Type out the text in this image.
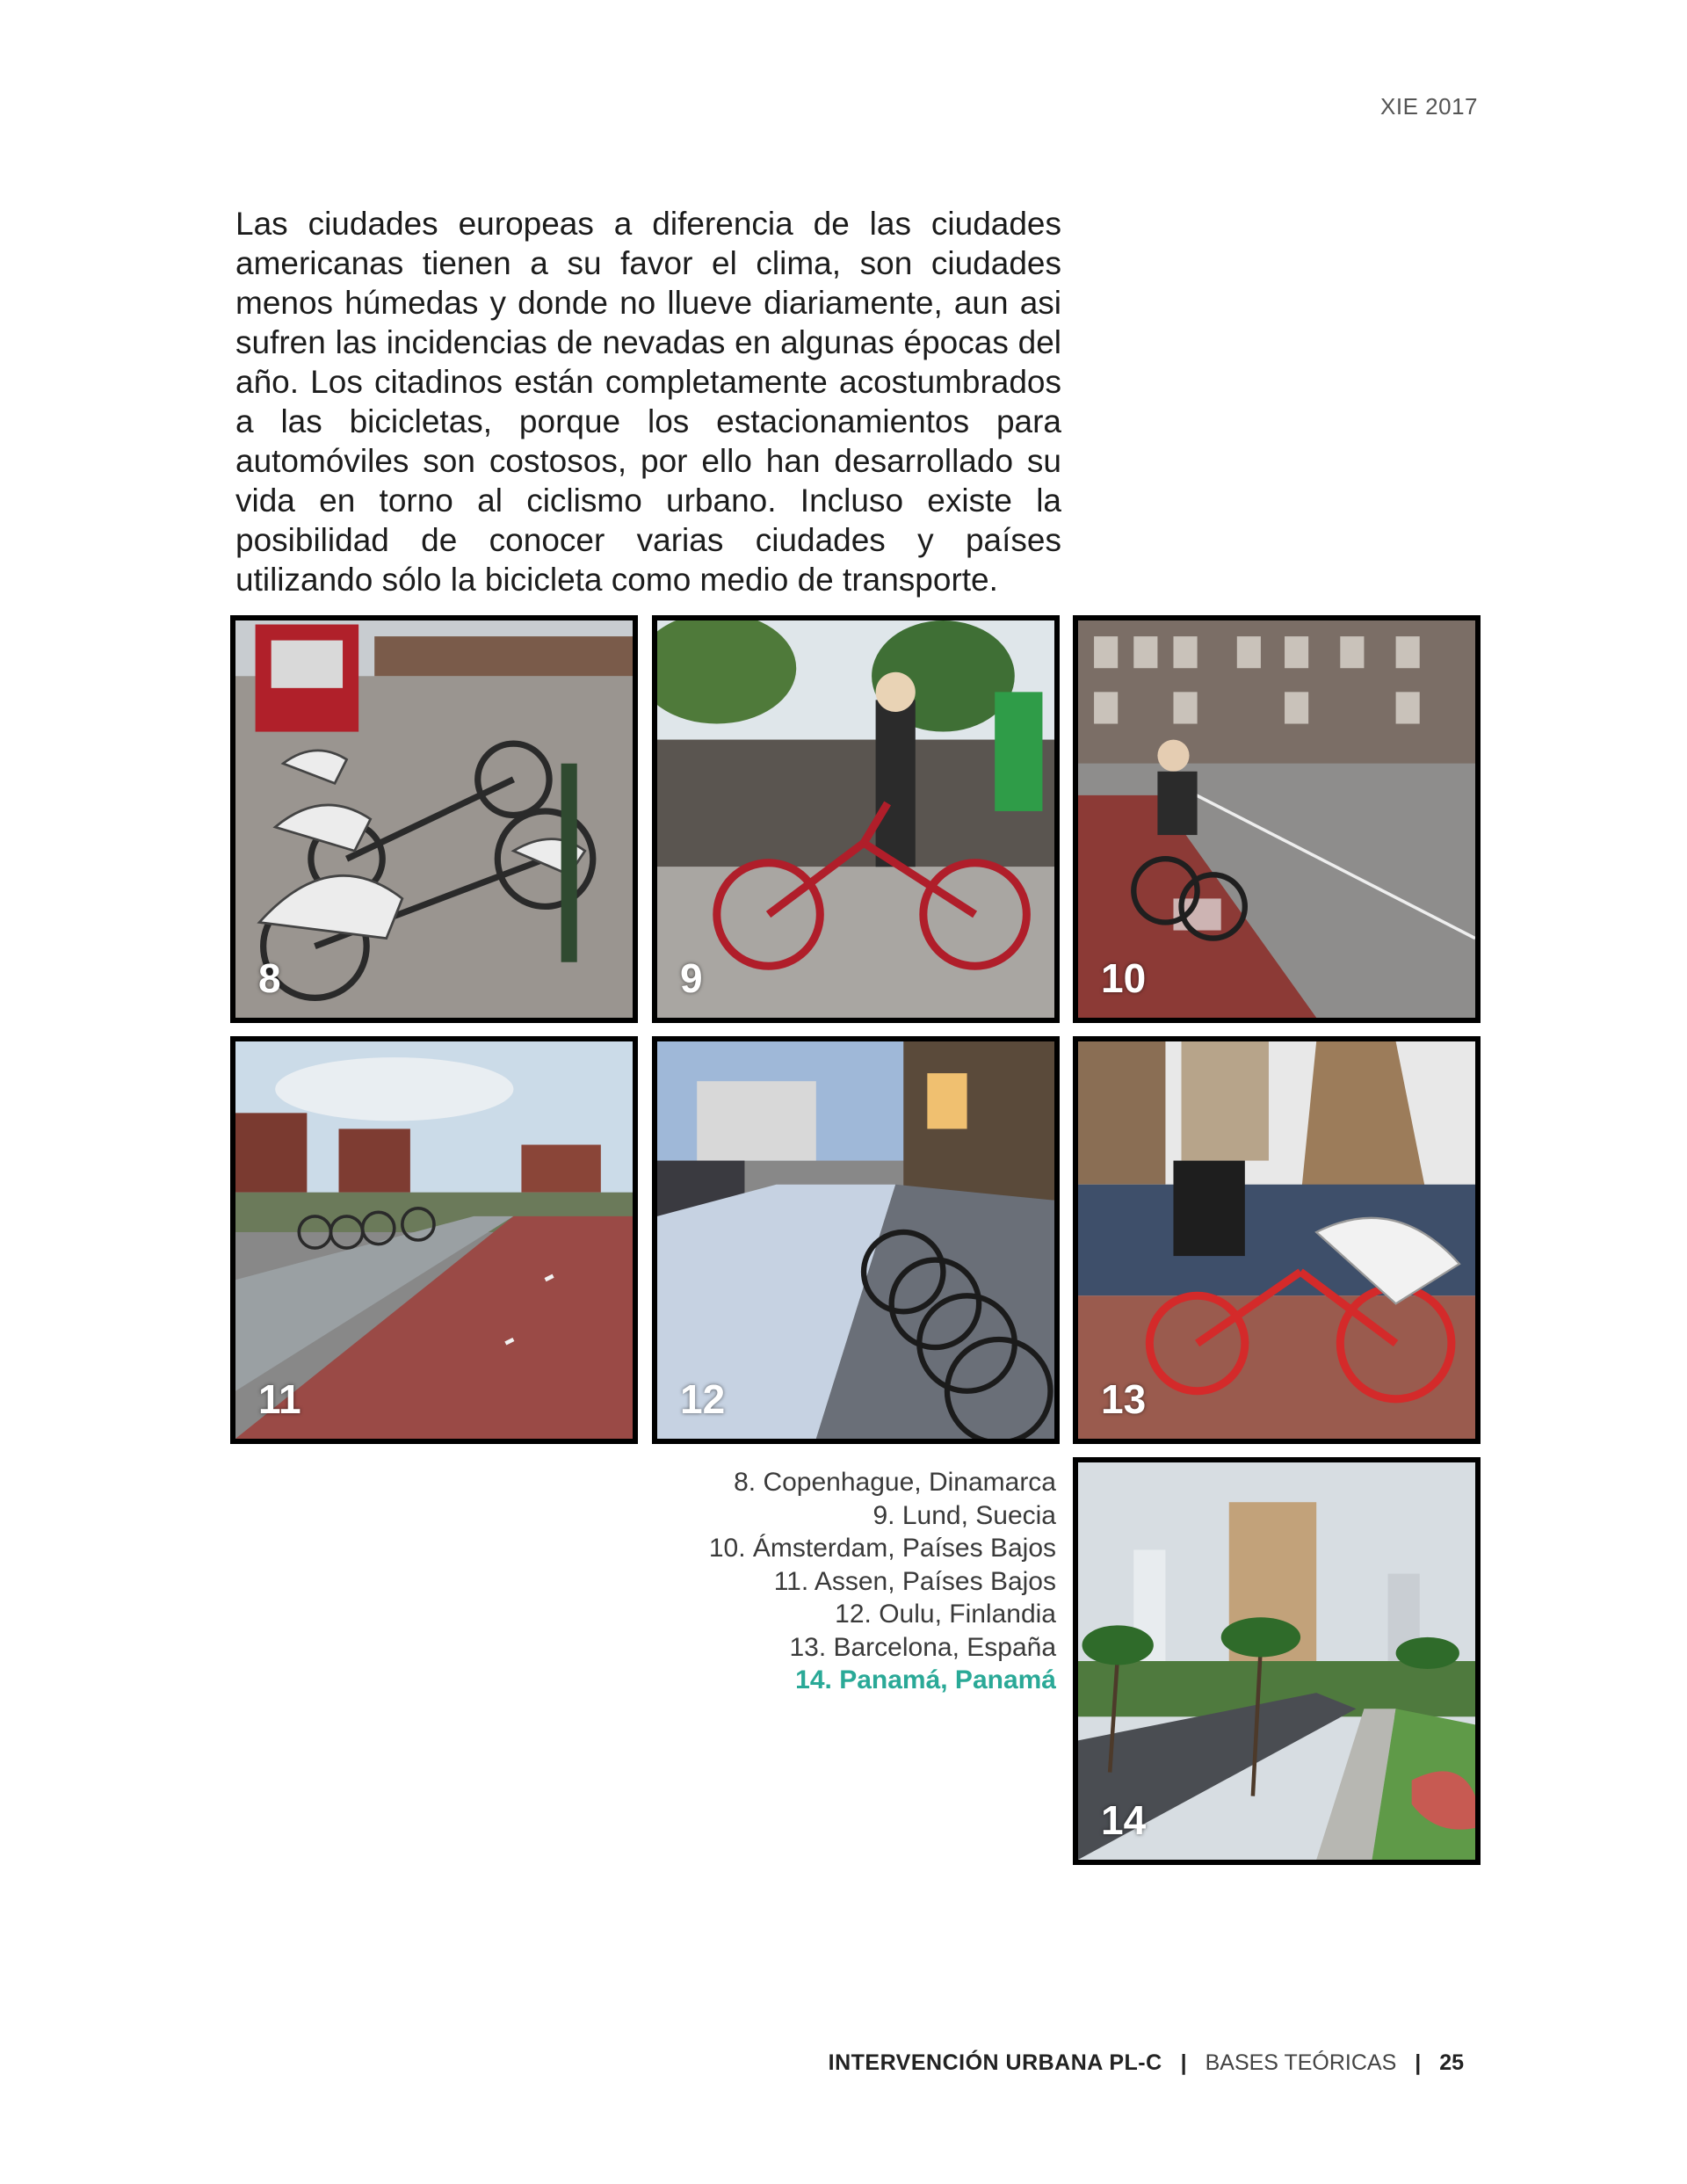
XIE 2017

Las ciudades europeas a diferencia de las ciudades americanas tienen a su favor el clima, son ciudades menos húmedas y donde no llueve diariamente, aun asi sufren las incidencias de nevadas en algunas épocas del año. Los citadinos están completamente acostumbrados a las bicicletas, porque los estacionamientos para automóviles son costosos, por ello han desarrollado su vida en torno al ciclismo urbano. Incluso existe la posibilidad de conocer varias ciudades y países utilizando sólo la bicicleta como medio de transporte.

8	9	10
11	12	13
14
8. Copenhague, Dinamarca
9. Lund, Suecia
10. Ámsterdam, Países Bajos
11. Assen, Países Bajos
12. Oulu, Finlandia
13. Barcelona, España
14. Panamá, Panamá
INTERVENCIÓN URBANA PL-C | BASES TEÓRICAS | 25
